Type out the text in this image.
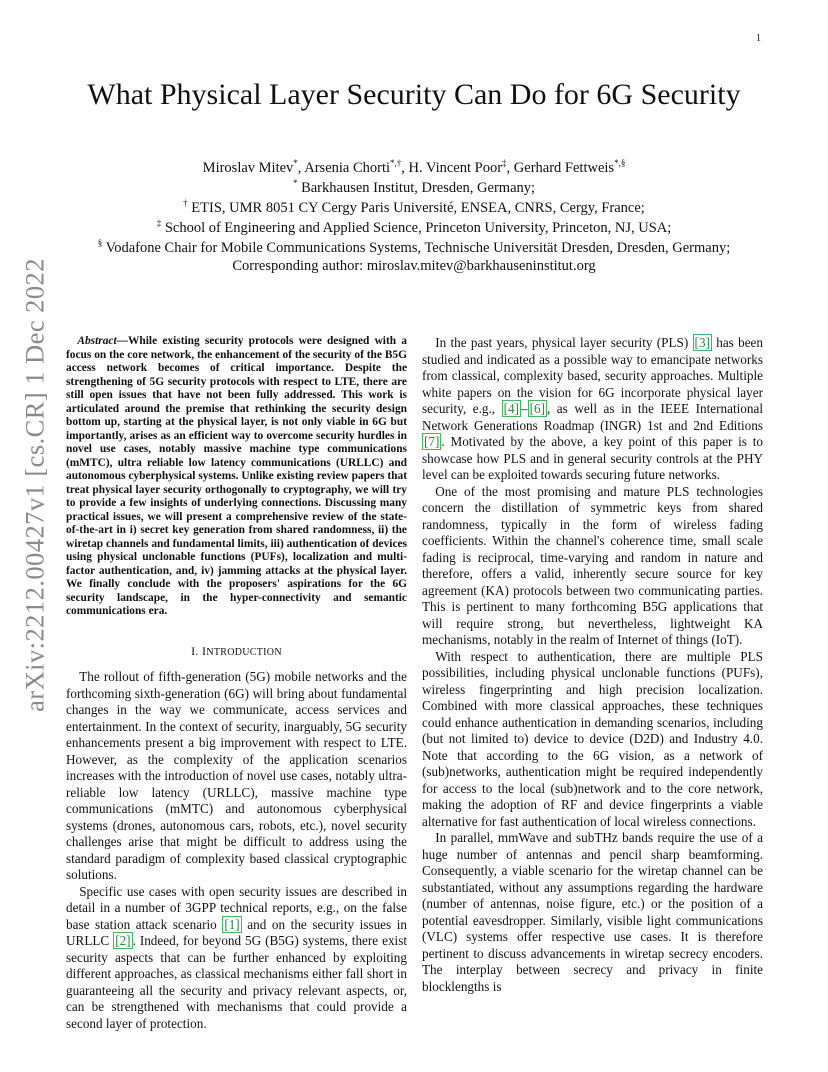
1
arXiv:2212.00427v1 [cs.CR] 1 Dec 2022
What Physical Layer Security Can Do for 6G Security
Miroslav Mitev*, Arsenia Chorti*,†, H. Vincent Poor‡, Gerhard Fettweis*,§
* Barkhausen Institut, Dresden, Germany;
† ETIS, UMR 8051 CY Cergy Paris Université, ENSEA, CNRS, Cergy, France;
‡ School of Engineering and Applied Science, Princeton University, Princeton, NJ, USA;
§ Vodafone Chair for Mobile Communications Systems, Technische Universität Dresden, Dresden, Germany;
Corresponding author: miroslav.mitev@barkhauseninstitut.org

Abstract—While existing security protocols were designed with a focus on the core network, the enhancement of the security of the B5G access network becomes of critical importance. Despite the strengthening of 5G security protocols with respect to LTE, there are still open issues that have not been fully addressed. This work is articulated around the premise that rethinking the security design bottom up, starting at the physical layer, is not only viable in 6G but importantly, arises as an efficient way to overcome security hurdles in novel use cases, notably massive machine type communications (mMTC), ultra reliable low latency communications (URLLC) and autonomous cyberphysical systems. Unlike existing review papers that treat physical layer security orthogonally to cryptography, we will try to provide a few insights of underlying connections. Discussing many practical issues, we will present a comprehensive review of the state-of-the-art in i) secret key generation from shared randomness, ii) the wiretap channels and fundamental limits, iii) authentication of devices using physical unclonable functions (PUFs), localization and multi-factor authentication, and, iv) jamming attacks at the physical layer. We finally conclude with the proposers' aspirations for the 6G security landscape, in the hyper-connectivity and semantic communications era.

I. INTRODUCTION

The rollout of fifth-generation (5G) mobile networks and the forthcoming sixth-generation (6G) will bring about fundamental changes in the way we communicate, access services and entertainment. In the context of security, inarguably, 5G security enhancements present a big improvement with respect to LTE. However, as the complexity of the application scenarios increases with the introduction of novel use cases, notably ultra-reliable low latency (URLLC), massive machine type communications (mMTC) and autonomous cyberphysical systems (drones, autonomous cars, robots, etc.), novel security challenges arise that might be difficult to address using the standard paradigm of complexity based classical cryptographic solutions.

Specific use cases with open security issues are described in detail in a number of 3GPP technical reports, e.g., on the false base station attack scenario [1] and on the security issues in URLLC [2] . Indeed, for beyond 5G (B5G) systems, there exist security aspects that can be further enhanced by exploiting different approaches, as classical mechanisms either fall short in guaranteeing all the security and privacy relevant aspects, or, can be strengthened with mechanisms that could provide a second layer of protection.

In the past years, physical layer security (PLS) [3] has been studied and indicated as a possible way to emancipate networks from classical, complexity based, security approaches. Multiple white papers on the vision for 6G incorporate physical layer security, e.g., [4] – [6] , as well as in the IEEE International Network Generations Roadmap (INGR) 1st and 2nd Editions [7] . Motivated by the above, a key point of this paper is to showcase how PLS and in general security controls at the PHY level can be exploited towards securing future networks.

One of the most promising and mature PLS technologies concern the distillation of symmetric keys from shared randomness, typically in the form of wireless fading coefficients. Within the channel's coherence time, small scale fading is reciprocal, time-varying and random in nature and therefore, offers a valid, inherently secure source for key agreement (KA) protocols between two communicating parties. This is pertinent to many forthcoming B5G applications that will require strong, but nevertheless, lightweight KA mechanisms, notably in the realm of Internet of things (IoT).

With respect to authentication, there are multiple PLS possibilities, including physical unclonable functions (PUFs), wireless fingerprinting and high precision localization. Combined with more classical approaches, these techniques could enhance authentication in demanding scenarios, including (but not limited to) device to device (D2D) and Industry 4.0. Note that according to the 6G vision, as a network of (sub)networks, authentication might be required independently for access to the local (sub)network and to the core network, making the adoption of RF and device fingerprints a viable alternative for fast authentication of local wireless connections.

In parallel, mmWave and subTHz bands require the use of a huge number of antennas and pencil sharp beamforming. Consequently, a viable scenario for the wiretap channel can be substantiated, without any assumptions regarding the hardware (number of antennas, noise figure, etc.) or the position of a potential eavesdropper. Similarly, visible light communications (VLC) systems offer respective use cases. It is therefore pertinent to discuss advancements in wiretap secrecy encoders. The interplay between secrecy and privacy in finite blocklengths is
